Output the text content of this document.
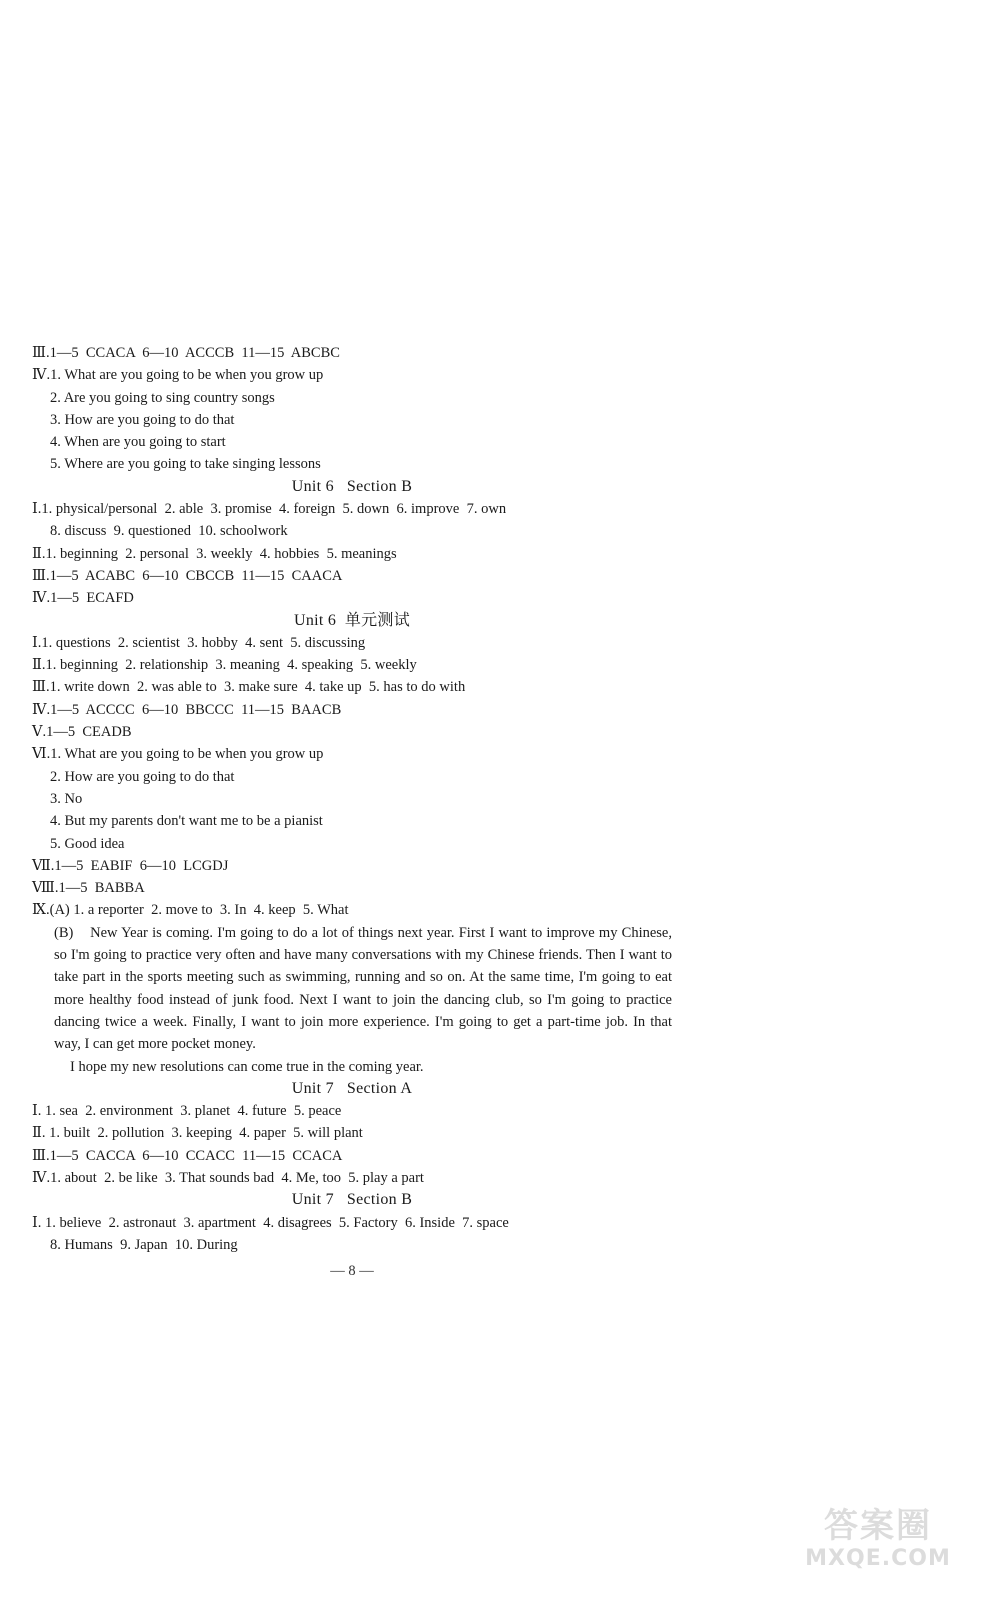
Ⅲ.1—5  CCACA  6—10  ACCCB  11—15  ABCBC
Ⅳ.1. What are you going to be when you grow up
2. Are you going to sing country songs
3. How are you going to do that
4. When are you going to start
5. Where are you going to take singing lessons
Unit 6   Section B
Ⅰ.1. physical/personal  2. able  3. promise  4. foreign  5. down  6. improve  7. own
8. discuss  9. questioned  10. schoolwork
Ⅱ.1. beginning  2. personal  3. weekly  4. hobbies  5. meanings
Ⅲ.1—5  ACABC  6—10  CBCCB  11—15  CAACA
Ⅳ.1—5  ECAFD
Unit 6  单元测试
Ⅰ.1. questions  2. scientist  3. hobby  4. sent  5. discussing
Ⅱ.1. beginning  2. relationship  3. meaning  4. speaking  5. weekly
Ⅲ.1. write down  2. was able to  3. make sure  4. take up  5. has to do with
Ⅳ.1—5  ACCCC  6—10  BBCCC  11—15  BAACB
Ⅴ.1—5  CEADB
Ⅵ.1. What are you going to be when you grow up
2. How are you going to do that
3. No
4. But my parents don't want me to be a pianist
5. Good idea
Ⅶ.1—5  EABIF  6—10  LCGDJ
Ⅷ.1—5  BABBA
Ⅸ.(A) 1. a reporter  2. move to  3. In  4. keep  5. What
(B) New Year is coming. I'm going to do a lot of things next year. First I want to improve my Chinese, so I'm going to practice very often and have many conversations with my Chinese friends. Then I want to take part in the sports meeting such as swimming, running and so on. At the same time, I'm going to eat more healthy food instead of junk food. Next I want to join the dancing club, so I'm going to practice dancing twice a week. Finally, I want to join more experience. I'm going to get a part-time job. In that way, I can get more pocket money.
I hope my new resolutions can come true in the coming year.
Unit 7   Section A
Ⅰ. 1. sea  2. environment  3. planet  4. future  5. peace
Ⅱ. 1. built  2. pollution  3. keeping  4. paper  5. will plant
Ⅲ.1—5  CACCA  6—10  CCACC  11—15  CCACA
Ⅳ.1. about  2. be like  3. That sounds bad  4. Me, too  5. play a part
Unit 7   Section B
Ⅰ. 1. believe  2. astronaut  3. apartment  4. disagrees  5. Factory  6. Inside  7. space
8. Humans  9. Japan  10. During
— 8 —
答案圈
MXQE.COM
